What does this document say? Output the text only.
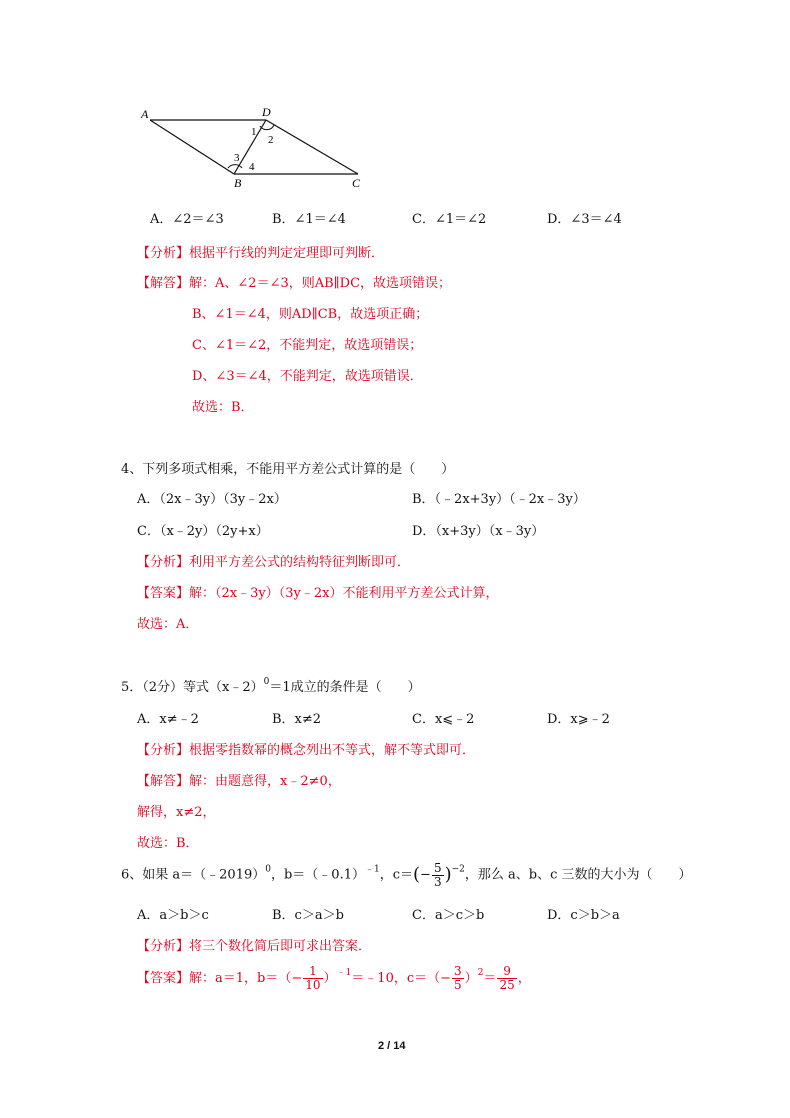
A	D
B	C
1
2
3
4
A．∠2＝∠3	B．∠1＝∠4	C．∠1＝∠2	D．∠3＝∠4
【分析】根据平行线的判定定理即可判断．
【解答】解：A、∠2＝∠3，则AB∥DC，故选项错误；
B、∠1＝∠4，则AD∥CB，故选项正确；
C、∠1＝∠2，不能判定，故选项错误；
D、∠3＝∠4，不能判定，故选项错误．
故选：B．
4、下列多项式相乘，不能用平方差公式计算的是（　　）
A．（2x﹣3y）（3y﹣2x）	B．（﹣2x+3y）（﹣2x﹣3y）
C．（x﹣2y）（2y+x）	D．（x+3y）（x﹣3y）
【分析】利用平方差公式的结构特征判断即可．
【答案】解：（2x﹣3y）（3y﹣2x）不能利用平方差公式计算，
故选：A．
5．（2分）等式（x﹣2）$^0$＝1成立的条件是（　　）
A．x≠﹣2	B．x≠2	C．x⩽﹣2	D．x⩾﹣2
【分析】根据零指数幂的概念列出不等式，解不等式即可．
【解答】解：由题意得，x﹣2≠0，
解得，x≠2，
故选：B．
6、如果 a＝（﹣2019）$^0$，b＝（﹣0.1）$^{﹣1}$，$c=(- \frac{5}{3} )^{-2}$，那么 a、b、c 三数的大小为（　　）
A．a＞b＞c	B．c＞a＞b	C．a＞c＞b	D．c＞b＞a
【分析】将三个数化简后即可求出答案．
【答案】解：a＝1，$b=(- \frac{1}{10}$ ）$^{﹣1}=﹣10$，$c=(- \frac{3}{5} )^2= \frac{9}{25}$ ，
2 / 14
